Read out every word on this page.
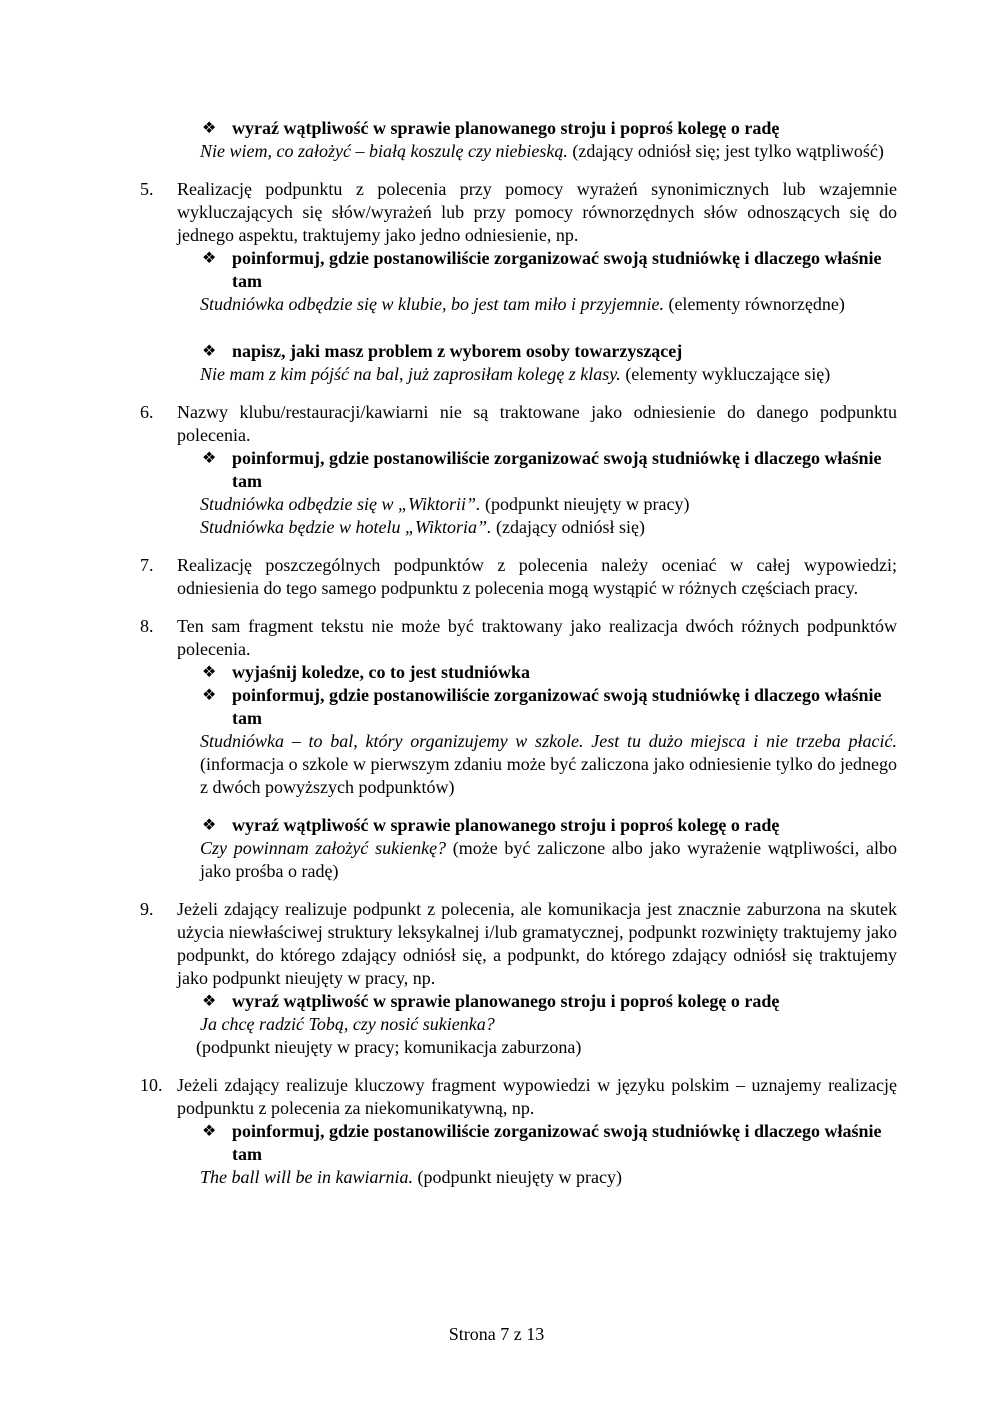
❖ wyraź wątpliwość w sprawie planowanego stroju i poproś kolegę o radę
Nie wiem, co założyć – białą koszulę czy niebieską. (zdający odniósł się; jest tylko wątpliwość)
5. Realizację podpunktu z polecenia przy pomocy wyrażeń synonimicznych lub wzajemnie wykluczających się słów/wyrażeń lub przy pomocy równorzędnych słów odnoszących się do jednego aspektu, traktujemy jako jedno odniesienie, np.
❖ poinformuj, gdzie postanowiliście zorganizować swoją studniówkę i dlaczego właśnie tam
Studniówka odbędzie się w klubie, bo jest tam miło i przyjemnie. (elementy równorzędne)
❖ napisz, jaki masz problem z wyborem osoby towarzyszącej
Nie mam z kim pójść na bal, już zaprosiłam kolegę z klasy. (elementy wykluczające się)
6. Nazwy klubu/restauracji/kawiarni nie są traktowane jako odniesienie do danego podpunktu polecenia.
❖ poinformuj, gdzie postanowiliście zorganizować swoją studniówkę i dlaczego właśnie tam
Studniówka odbędzie się w „Wiktorii”. (podpunkt nieujęty w pracy)
Studniówka będzie w hotelu „Wiktoria”. (zdający odniósł się)
7. Realizację poszczególnych podpunktów z polecenia należy oceniać w całej wypowiedzi; odniesienia do tego samego podpunktu z polecenia mogą wystąpić w różnych częściach pracy.
8. Ten sam fragment tekstu nie może być traktowany jako realizacja dwóch różnych podpunktów polecenia.
❖ wyjaśnij koledze, co to jest studniówka
❖ poinformuj, gdzie postanowiliście zorganizować swoją studniówkę i dlaczego właśnie tam
Studniówka – to bal, który organizujemy w szkole. Jest tu dużo miejsca i nie trzeba płacić. (informacja o szkole w pierwszym zdaniu może być zaliczona jako odniesienie tylko do jednego z dwóch powyższych podpunktów)
❖ wyraź wątpliwość w sprawie planowanego stroju i poproś kolegę o radę
Czy powinnam założyć sukienkę? (może być zaliczone albo jako wyrażenie wątpliwości, albo jako prośba o radę)
9. Jeżeli zdający realizuje podpunkt z polecenia, ale komunikacja jest znacznie zaburzona na skutek użycia niewłaściwej struktury leksykalnej i/lub gramatycznej, podpunkt rozwinięty traktujemy jako podpunkt, do którego zdający odniósł się, a podpunkt, do którego zdający odniósł się traktujemy jako podpunkt nieujęty w pracy, np.
❖ wyraź wątpliwość w sprawie planowanego stroju i poproś kolegę o radę
Ja chcę radzić Tobą, czy nosić sukienka?
(podpunkt nieujęty w pracy; komunikacja zaburzona)
10. Jeżeli zdający realizuje kluczowy fragment wypowiedzi w języku polskim – uznajemy realizację podpunktu z polecenia za niekomunikatywną, np.
❖ poinformuj, gdzie postanowiliście zorganizować swoją studniówkę i dlaczego właśnie tam
The ball will be in kawiarnia. (podpunkt nieujęty w pracy)
Strona 7 z 13
